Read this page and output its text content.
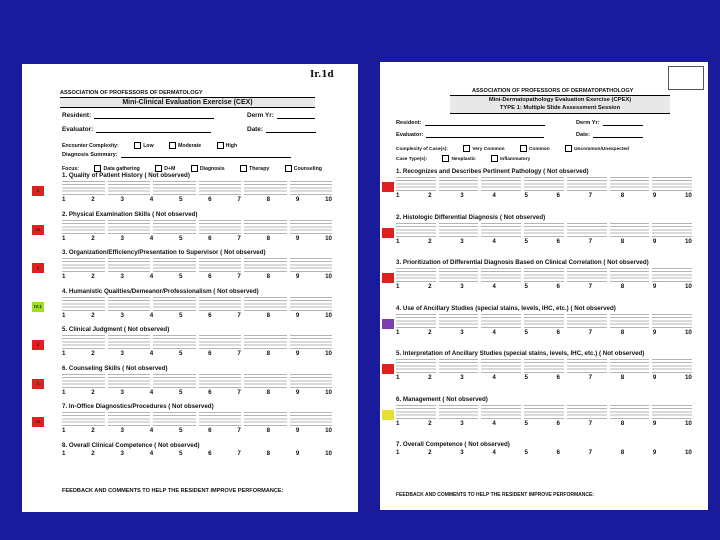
Ir.1d
ASSOCIATION OF PROFESSORS OF DERMATOLOGY
Mini-Clinical Evaluation Exercise (CEX)
Resident:	Derm Yr:
Evaluator:	Date:
Encounter Complexity:	Low	Moderate	High
Diagnosis Summary:
Focus:	Data gathering	D+M	Diagnosis	Therapy	Counseling
1. Quality of Patient History ( Not observed)
1	2	3	4	5	6	7	8	9	10
1
2. Physical Examination Skills ( Not observed)
1	2	3	4	5	6	7	8	9	10
11
3. Organization/Efficiency/Presentation to Supervisor ( Not observed)
1	2	3	4	5	6	7	8	9	10
1
4. Humanistic Qualities/Demeanor/Professionalism ( Not observed)
1	2	3	4	5	6	7	8	9	10
IV.1
5. Clinical Judgment ( Not observed)
1	2	3	4	5	6	7	8	9	10
1
6. Counseling Skills ( Not observed)
1	2	3	4	5	6	7	8	9	10
1
7. In-Office Diagnostics/Procedures ( Not observed)
1	2	3	4	5	6	7	8	9	10
11
8. Overall Clinical Competence ( Not observed)
1	2	3	4	5	6	7	8	9	10
FEEDBACK AND COMMENTS TO HELP THE RESIDENT IMPROVE PERFORMANCE:
ASSOCIATION OF PROFESSORS OF DERMATOPATHOLOGY
Mini-Dermatopathology Evaluation Exercise (CPEX)
TYPE 1: Multiple Slide Assessment Session
Resident:	Derm Yr:
Evaluator:	Date:
Complexity of Case(s):	Very Common	Common	Uncommon/Unexpected
Case Type(s):	Neoplastic	Inflammatory
1. Recognizes and Describes Pertinent Pathology ( Not observed)
1	2	3	4	5	6	7	8	9	10
2. Histologic Differential Diagnosis ( Not observed)
1	2	3	4	5	6	7	8	9	10
3. Prioritization of Differential Diagnosis Based on Clinical Correlation ( Not observed)
1	2	3	4	5	6	7	8	9	10
4. Use of Ancillary Studies (special stains, levels, IHC, etc.) ( Not observed)
1	2	3	4	5	6	7	8	9	10
5. Interpretation of Ancillary Studies (special stains, levels, IHC, etc.) ( Not observed)
1	2	3	4	5	6	7	8	9	10
6. Management ( Not observed)
1	2	3	4	5	6	7	8	9	10
7. Overall Competence ( Not observed)
1	2	3	4	5	6	7	8	9	10
FEEDBACK AND COMMENTS TO HELP THE RESIDENT IMPROVE PERFORMANCE:
